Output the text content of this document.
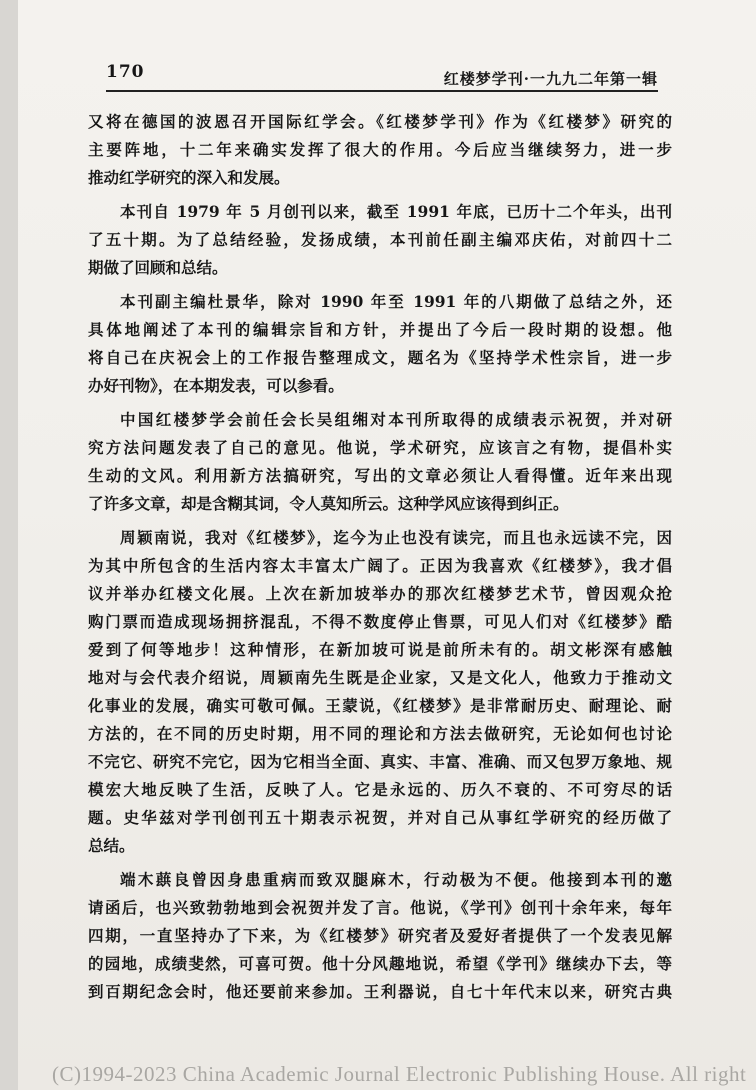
170	红楼梦学刊·一九九二年第一辑
又将在德国的波恩召开国际红学会。《红楼梦学刊》作为《红楼梦》研究的
主要阵地，十二年来确实发挥了很大的作用。今后应当继续努力，进一步
推动红学研究的深入和发展。
本刊自 1979 年 5 月创刊以来，截至 1991 年底，已历十二个年头，出刊
了五十期。为了总结经验，发扬成绩，本刊前任副主编邓庆佑，对前四十二
期做了回顾和总结。
本刊副主编杜景华，除对 1990 年至 1991 年的八期做了总结之外，还
具体地阐述了本刊的编辑宗旨和方针，并提出了今后一段时期的设想。他
将自己在庆祝会上的工作报告整理成文，题名为《坚持学术性宗旨，进一步
办好刊物》，在本期发表，可以参看。
中国红楼梦学会前任会长吴组缃对本刊所取得的成绩表示祝贺，并对研
究方法问题发表了自己的意见。他说，学术研究，应该言之有物，提倡朴实
生动的文风。利用新方法搞研究，写出的文章必须让人看得懂。近年来出现
了许多文章，却是含糊其词，令人莫知所云。这种学风应该得到纠正。
周颖南说，我对《红楼梦》，迄今为止也没有读完，而且也永远读不完，因
为其中所包含的生活内容太丰富太广阔了。正因为我喜欢《红楼梦》，我才倡
议并举办红楼文化展。上次在新加坡举办的那次红楼梦艺术节，曾因观众抢
购门票而造成现场拥挤混乱，不得不数度停止售票，可见人们对《红楼梦》酷
爱到了何等地步！这种情形，在新加坡可说是前所未有的。胡文彬深有感触
地对与会代表介绍说，周颖南先生既是企业家，又是文化人，他致力于推动文
化事业的发展，确实可敬可佩。王蒙说，《红楼梦》是非常耐历史、耐理论、耐
方法的，在不同的历史时期，用不同的理论和方法去做研究，无论如何也讨论
不完它、研究不完它，因为它相当全面、真实、丰富、准确、而又包罗万象地、规
模宏大地反映了生活，反映了人。它是永远的、历久不衰的、不可穷尽的话
题。史华兹对学刊创刊五十期表示祝贺，并对自己从事红学研究的经历做了
总结。
端木蕻良曾因身患重病而致双腿麻木，行动极为不便。他接到本刊的邀
请函后，也兴致勃勃地到会祝贺并发了言。他说，《学刊》创刊十余年来，每年
四期，一直坚持办了下来，为《红楼梦》研究者及爱好者提供了一个发表见解
的园地，成绩斐然，可喜可贺。他十分风趣地说，希望《学刊》继续办下去，等
到百期纪念会时，他还要前来参加。王利器说，自七十年代末以来，研究古典
(C)1994-2023 China Academic Journal Electronic Publishing House. All right
